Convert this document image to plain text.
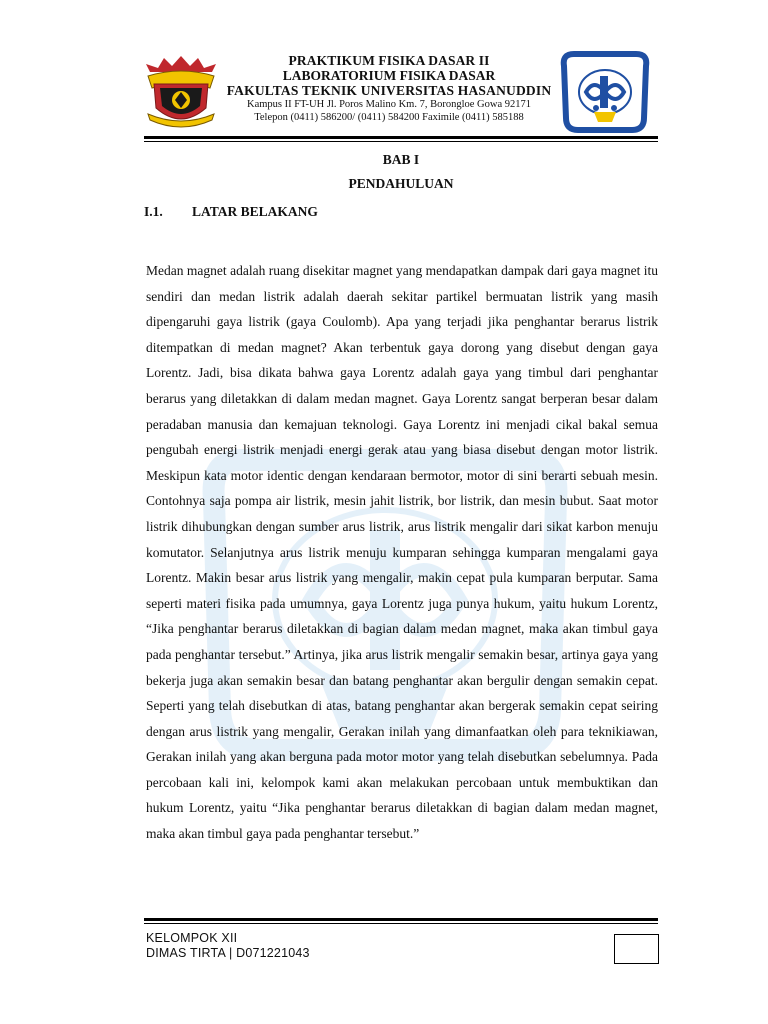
PRAKTIKUM FISIKA DASAR II
LABORATORIUM FISIKA DASAR
FAKULTAS TEKNIK UNIVERSITAS HASANUDDIN
Kampus II FT-UH Jl. Poros Malino Km. 7, Borongloe Gowa 92171
Telepon (0411) 586200/ (0411) 584200 Faximile (0411) 585188
BAB I
PENDAHULUAN
I.1. LATAR BELAKANG

Medan magnet adalah ruang disekitar magnet yang mendapatkan dampak dari gaya magnet itu sendiri dan medan listrik adalah daerah sekitar partikel bermuatan listrik yang masih dipengaruhi gaya listrik (gaya Coulomb). Apa yang terjadi jika penghantar berarus listrik ditempatkan di medan magnet? Akan terbentuk gaya dorong yang disebut dengan gaya Lorentz. Jadi, bisa dikata bahwa gaya Lorentz adalah gaya yang timbul dari penghantar berarus yang diletakkan di dalam medan magnet. Gaya Lorentz sangat berperan besar dalam peradaban manusia dan kemajuan teknologi. Gaya Lorentz ini menjadi cikal bakal semua pengubah energi listrik menjadi energi gerak atau yang biasa disebut dengan motor listrik. Meskipun kata motor identic dengan kendaraan bermotor, motor di sini berarti sebuah mesin. Contohnya saja pompa air listrik, mesin jahit listrik, bor listrik, dan mesin bubut. Saat motor listrik dihubungkan dengan sumber arus listrik, arus listrik mengalir dari sikat karbon menuju komutator. Selanjutnya arus listrik menuju kumparan sehingga kumparan mengalami gaya Lorentz. Makin besar arus listrik yang mengalir, makin cepat pula kumparan berputar. Sama seperti materi fisika pada umumnya, gaya Lorentz juga punya hukum, yaitu hukum Lorentz, “Jika penghantar berarus diletakkan di bagian dalam medan magnet, maka akan timbul gaya pada penghantar tersebut.” Artinya, jika arus listrik mengalir semakin besar, artinya gaya yang bekerja juga akan semakin besar dan batang penghantar akan bergulir dengan semakin cepat. Seperti yang telah disebutkan di atas, batang penghantar akan bergerak semakin cepat seiring dengan arus listrik yang mengalir, Gerakan inilah yang dimanfaatkan oleh para teknikiawan, Gerakan inilah yang akan berguna pada motor motor yang telah disebutkan sebelumnya. Pada percobaan kali ini, kelompok kami akan melakukan percobaan untuk membuktikan dan hukum Lorentz, yaitu “Jika penghantar berarus diletakkan di bagian dalam medan magnet, maka akan timbul gaya pada penghantar tersebut.”

KELOMPOK XII
DIMAS TIRTA | D071221043
